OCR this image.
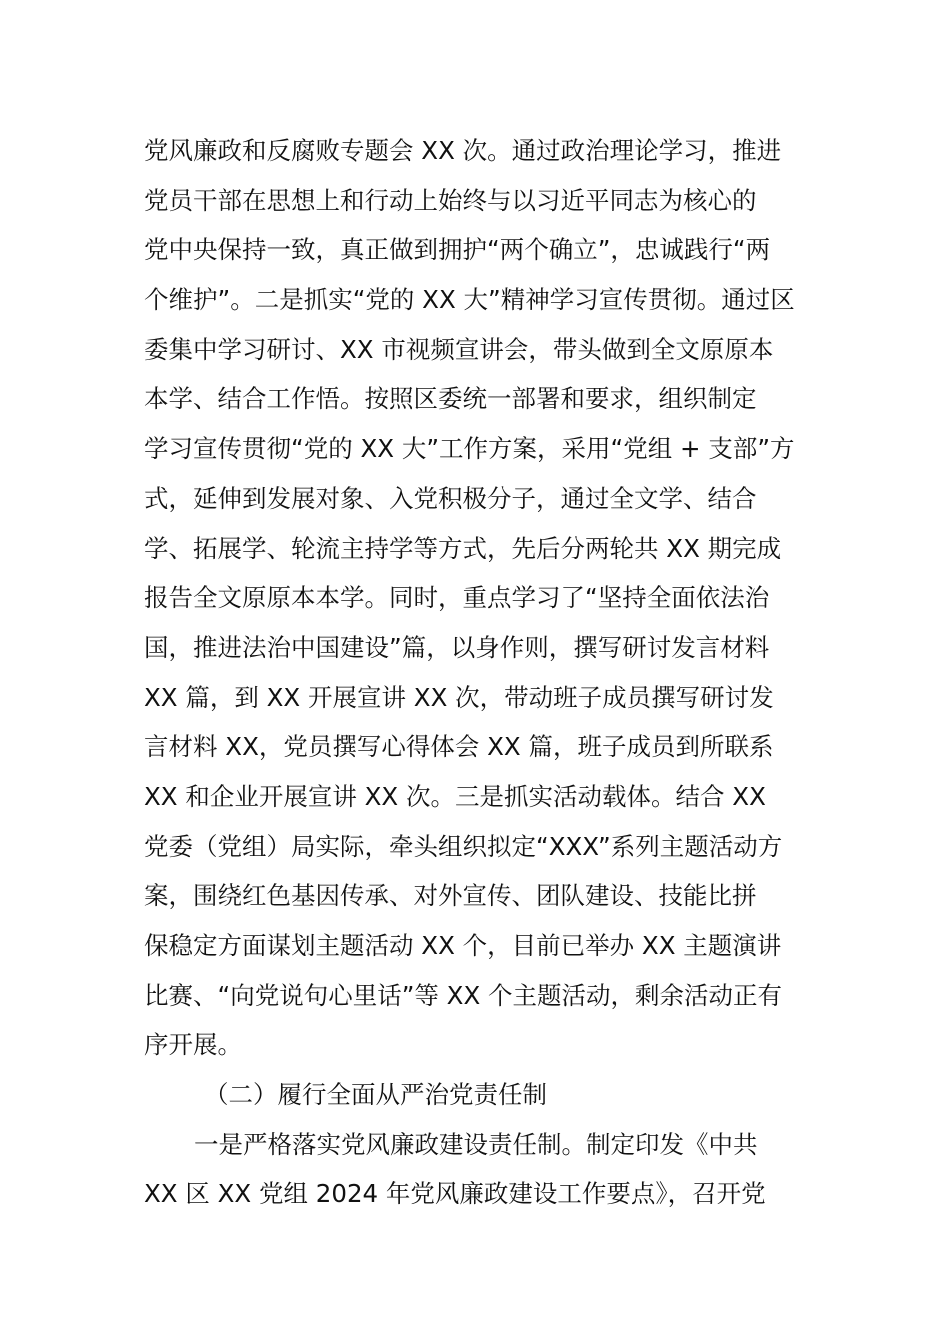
党风廉政和反腐败专题会 XX 次。通过政治理论学习，推进
党员干部在思想上和行动上始终与以习近平同志为核心的
党中央保持一致，真正做到拥护“两个确立”，忠诚践行“两
个维护”。二是抓实“党的 XX 大”精神学习宣传贯彻。通过区
委集中学习研讨、XX 市视频宣讲会，带头做到全文原原本
本学、结合工作悟。按照区委统一部署和要求，组织制定
学习宣传贯彻“党的 XX 大”工作方案，采用“党组 + 支部”方
式，延伸到发展对象、入党积极分子，通过全文学、结合
学、拓展学、轮流主持学等方式，先后分两轮共 XX 期完成
报告全文原原本本学。同时，重点学习了“坚持全面依法治
国，推进法治中国建设”篇，以身作则，撰写研讨发言材料
XX 篇，到 XX 开展宣讲 XX 次，带动班子成员撰写研讨发
言材料 XX，党员撰写心得体会 XX 篇，班子成员到所联系
XX 和企业开展宣讲 XX 次。三是抓实活动载体。结合 XX
党委（党组）局实际，牵头组织拟定“XXX”系列主题活动方
案，围绕红色基因传承、对外宣传、团队建设、技能比拼
保稳定方面谋划主题活动 XX 个，目前已举办 XX 主题演讲
比赛、“向党说句心里话”等 XX 个主题活动，剩余活动正有
序开展。
（二）履行全面从严治党责任制
一是严格落实党风廉政建设责任制。制定印发《中共
XX 区 XX 党组 2024 年党风廉政建设工作要点》，召开党
